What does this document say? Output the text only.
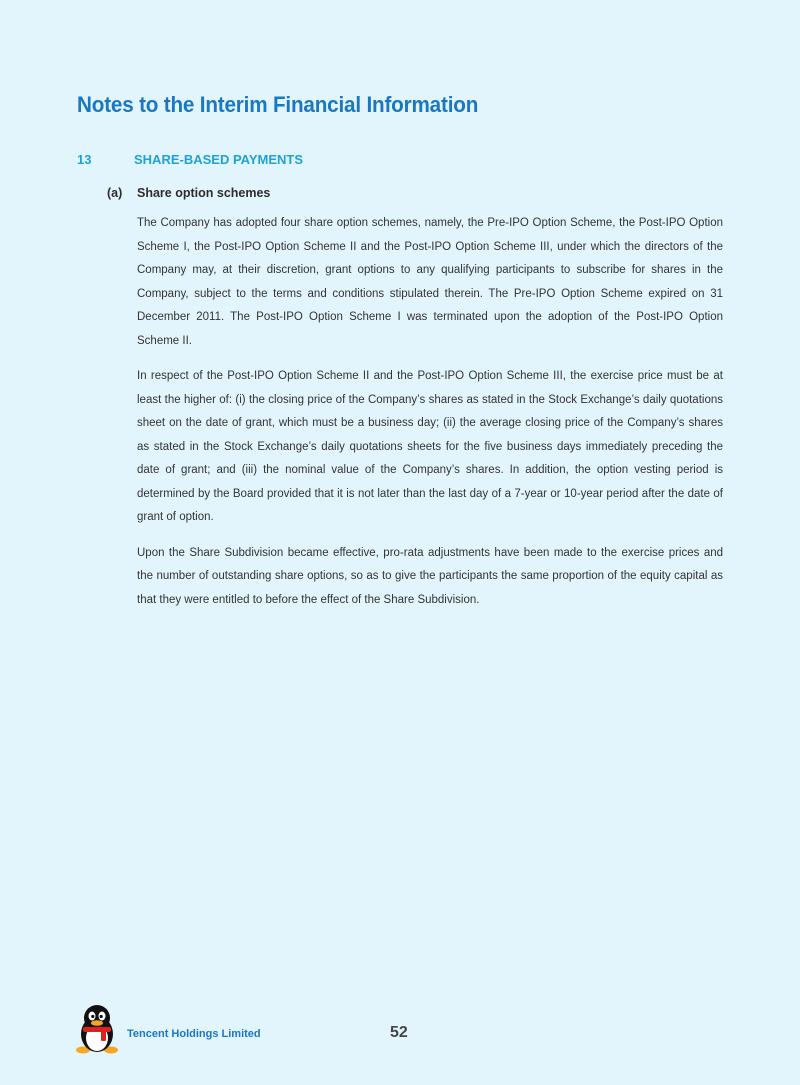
Notes to the Interim Financial Information
13	SHARE-BASED PAYMENTS
(a) Share option schemes

The Company has adopted four share option schemes, namely, the Pre-IPO Option Scheme, the Post-IPO Option Scheme I, the Post-IPO Option Scheme II and the Post-IPO Option Scheme III, under which the directors of the Company may, at their discretion, grant options to any qualifying participants to subscribe for shares in the Company, subject to the terms and conditions stipulated therein. The Pre-IPO Option Scheme expired on 31 December 2011. The Post-IPO Option Scheme I was terminated upon the adoption of the Post-IPO Option Scheme II.

In respect of the Post-IPO Option Scheme II and the Post-IPO Option Scheme III, the exercise price must be at least the higher of: (i) the closing price of the Company’s shares as stated in the Stock Exchange’s daily quotations sheet on the date of grant, which must be a business day; (ii) the average closing price of the Company’s shares as stated in the Stock Exchange’s daily quotations sheets for the five business days immediately preceding the date of grant; and (iii) the nominal value of the Company’s shares. In addition, the option vesting period is determined by the Board provided that it is not later than the last day of a 7-year or 10-year period after the date of grant of option.

Upon the Share Subdivision became effective, pro-rata adjustments have been made to the exercise prices and the number of outstanding share options, so as to give the participants the same proportion of the equity capital as that they were entitled to before the effect of the Share Subdivision.

Tencent Holdings Limited	52
